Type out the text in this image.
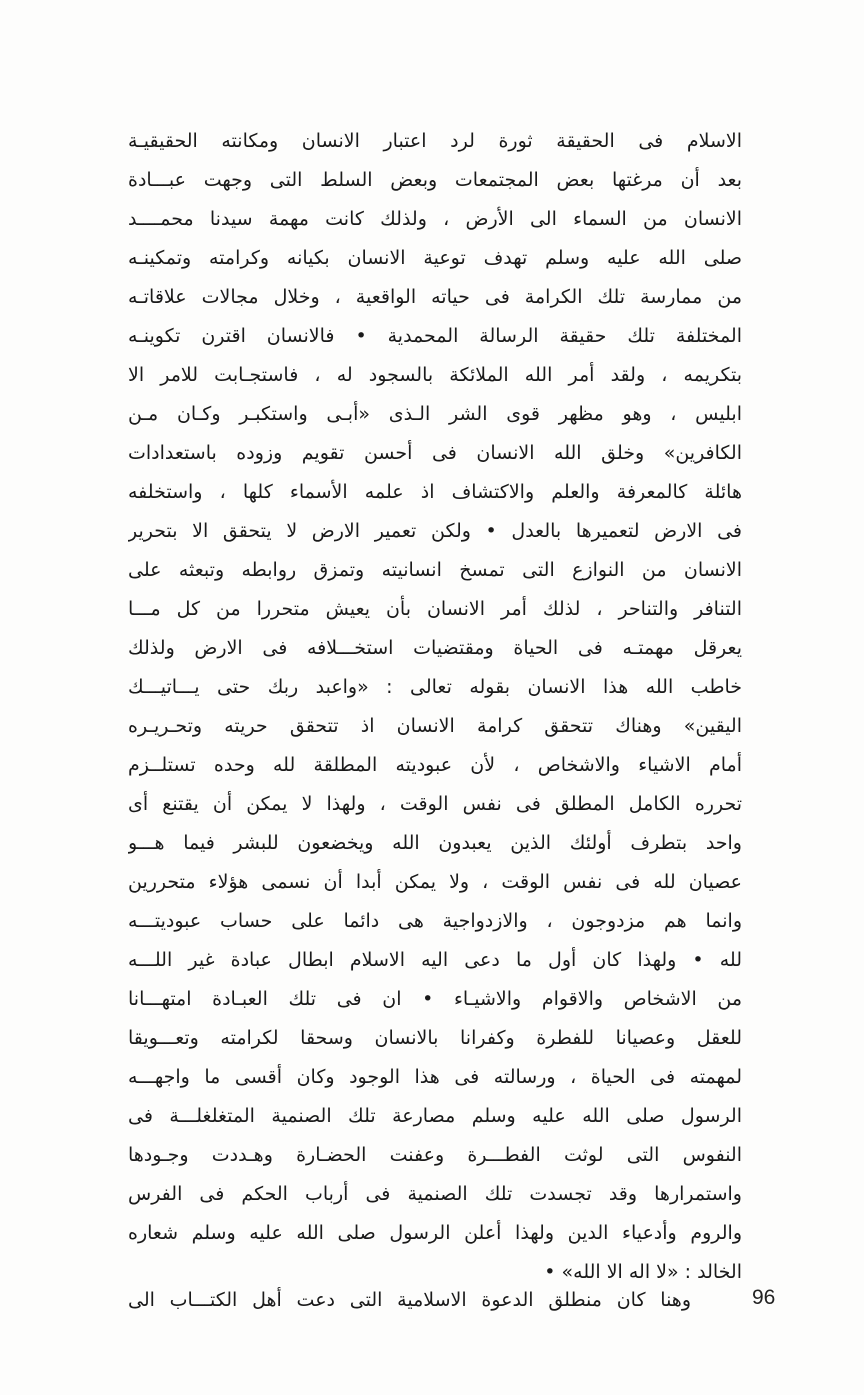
الاسلام فى الحقيقة ثورة لرد اعتبار الانسان ومكانته الحقيقيـة
بعد أن مرغتها بعض المجتمعات وبعض السلط التى وجهت عبـــادة
الانسان من السماء الى الأرض ، ولذلك كانت مهمة سيدنا محمــــد
صلى الله عليه وسلم تهدف توعية الانسان بكيانه وكرامته وتمكينـه
من ممارسة تلك الكرامة فى حياته الواقعية ، وخلال مجالات علاقاتـه
المختلفة تلك حقيقة الرسالة المحمدية • فالانسان اقترن تكوينـه
بتكريمه ، ولقد أمر الله الملائكة بالسجود له ، فاستجـابت للامر الا
ابليس ، وهو مظهر قوى الشر الـذى «أبـى واستكبـر وكـان مـن
الكافرين» وخلق الله الانسان فى أحسن تقويم وزوده باستعدادات
هائلة كالمعرفة والعلم والاكتشاف اذ علمه الأسماء كلها ، واستخلفه
فى الارض لتعميرها بالعدل • ولكن تعمير الارض لا يتحقق الا بتحرير
الانسان من النوازع التى تمسخ انسانيته وتمزق روابطه وتبعثه على
التنافر والتناحر ، لذلك أمر الانسان بأن يعيش متحررا من كل مـــا
يعرقل مهمتـه فى الحياة ومقتضيات استخـــلافه فى الارض ولذلك
خاطب الله هذا الانسان بقوله تعالى : «واعبد ربك حتى يـــاتيـــك
اليقين» وهناك تتحقق كرامة الانسان اذ تتحقق حريته وتحـريـره
أمام الاشياء والاشخاص ، لأن عبوديته المطلقة لله وحده تستلــزم
تحرره الكامل المطلق فى نفس الوقت ، ولهذا لا يمكن أن يقتنع أى
واحد بتطرف أولئك الذين يعبدون الله ويخضعون للبشر فيما هـــو
عصيان لله فى نفس الوقت ، ولا يمكن أبدا أن نسمى هؤلاء متحررين
وانما هم مزدوجون ، والازدواجية هى دائما على حساب عبوديتـــه
لله • ولهذا كان أول ما دعى اليه الاسلام ابطال عبادة غير اللـــه
من الاشخاص والاقوام والاشيـاء • ان فى تلك العبـادة امتهـــانا
للعقل وعصيانا للفطرة وكفرانا بالانسان وسحقا لكرامته وتعـــويقا
لمهمته فى الحياة ، ورسالته فى هذا الوجود وكان أقسى ما واجهـــه
الرسول صلى الله عليه وسلم مصارعة تلك الصنمية المتغلغلـــة فى
النفوس التى لوثت الفطـــرة وعفنت الحضـارة وهـددت وجـودها
واستمرارها وقد تجسدت تلك الصنمية فى أرباب الحكم فى الفرس
والروم وأدعياء الدين ولهذا أعلن الرسول صلى الله عليه وسلم شعاره
الخالد : «لا اله الا الله» •
وهنا كان منطلق الدعوة الاسلامية التى دعت أهل الكتـــاب الى	96
